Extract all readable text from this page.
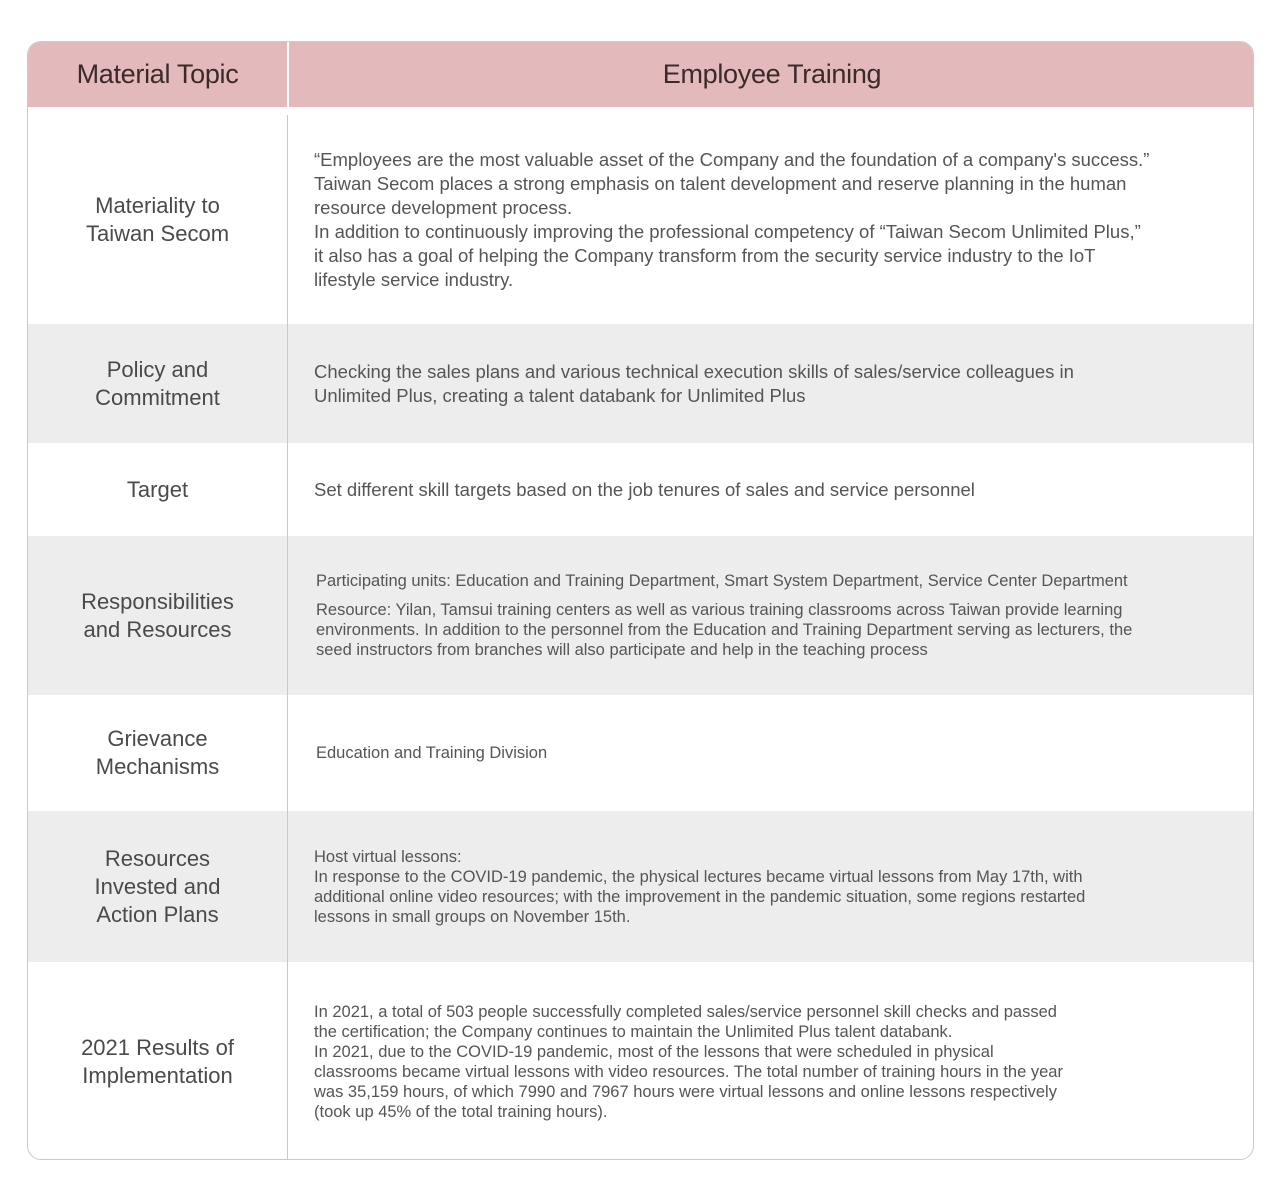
Material Topic	Employee Training
Materiality to
Taiwan Secom

“Employees are the most valuable asset of the Company and the foundation of a company's success.”
Taiwan Secom places a strong emphasis on talent development and reserve planning in the human
resource development process.
In addition to continuously improving the professional competency of “Taiwan Secom Unlimited Plus,”
it also has a goal of helping the Company transform from the security service industry to the IoT
lifestyle service industry.

Policy and
Commitment

Checking the sales plans and various technical execution skills of sales/service colleagues in
Unlimited Plus, creating a talent databank for Unlimited Plus

Target	Set different skill targets based on the job tenures of sales and service personnel

Responsibilities
and Resources

Participating units: Education and Training Department, Smart System Department, Service Center Department

Resource: Yilan, Tamsui training centers as well as various training classrooms across Taiwan provide learning
environments. In addition to the personnel from the Education and Training Department serving as lecturers, the
seed instructors from branches will also participate and help in the teaching process

Grievance
Mechanisms

Education and Training Division

Resources
Invested and
Action Plans

Host virtual lessons:
In response to the COVID-19 pandemic, the physical lectures became virtual lessons from May 17th, with
additional online video resources; with the improvement in the pandemic situation, some regions restarted
lessons in small groups on November 15th.

2021 Results of
Implementation

In 2021, a total of 503 people successfully completed sales/service personnel skill checks and passed
the certification; the Company continues to maintain the Unlimited Plus talent databank.
In 2021, due to the COVID-19 pandemic, most of the lessons that were scheduled in physical
classrooms became virtual lessons with video resources. The total number of training hours in the year
was 35,159 hours, of which 7990 and 7967 hours were virtual lessons and online lessons respectively
(took up 45% of the total training hours).
